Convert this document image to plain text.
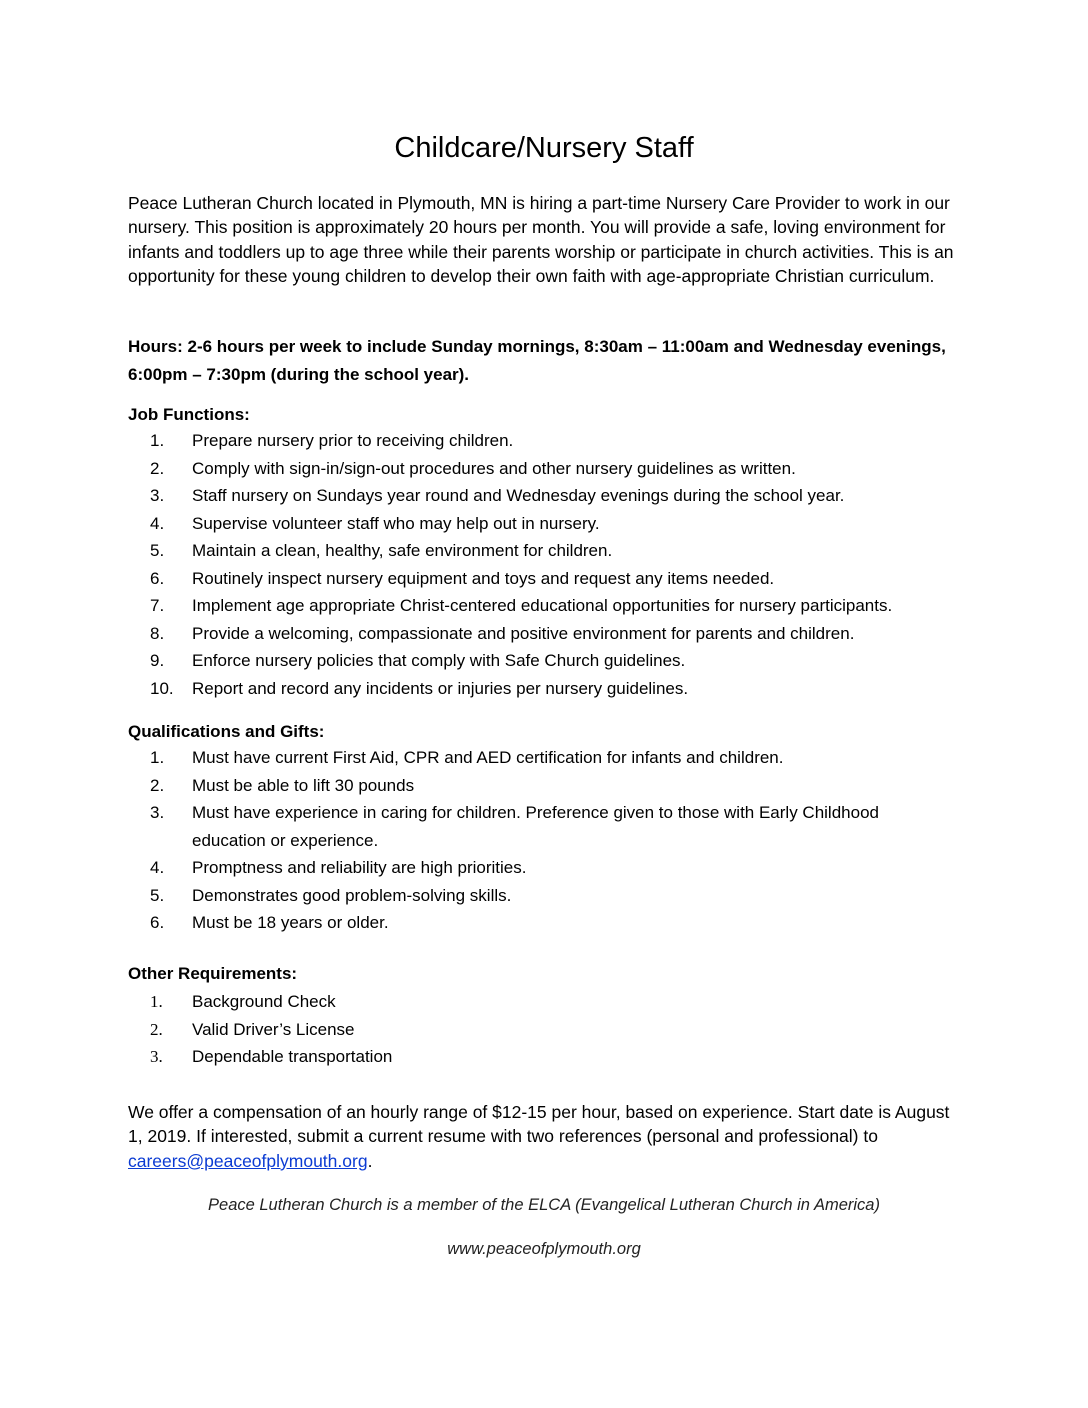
Childcare/Nursery Staff
Peace Lutheran Church located in Plymouth, MN is hiring a part-time Nursery Care Provider to work in our nursery. This position is approximately 20 hours per month. You will provide a safe, loving environment for infants and toddlers up to age three while their parents worship or participate in church activities. This is an opportunity for these young children to develop their own faith with age-appropriate Christian curriculum.
Hours: 2-6 hours per week to include Sunday mornings, 8:30am – 11:00am and Wednesday evenings, 6:00pm – 7:30pm (during the school year).
Job Functions:
1.	Prepare nursery prior to receiving children.
2.	Comply with sign-in/sign-out procedures and other nursery guidelines as written.
3.	Staff nursery on Sundays year round and Wednesday evenings during the school year.
4.	Supervise volunteer staff who may help out in nursery.
5.	Maintain a clean, healthy, safe environment for children.
6.	Routinely inspect nursery equipment and toys and request any items needed.
7.	Implement age appropriate Christ-centered educational opportunities for nursery participants.
8.	Provide a welcoming, compassionate and positive environment for parents and children.
9.	Enforce nursery policies that comply with Safe Church guidelines.
10.	Report and record any incidents or injuries per nursery guidelines.
Qualifications and Gifts:
1.	Must have current First Aid, CPR and AED certification for infants and children.
2.	Must be able to lift 30 pounds
3.	Must have experience in caring for children. Preference given to those with Early Childhood education or experience.
4.	Promptness and reliability are high priorities.
5.	Demonstrates good problem-solving skills.
6.	Must be 18 years or older.
Other Requirements:
1.	Background Check
2.	Valid Driver’s License
3.	Dependable transportation
We offer a compensation of an hourly range of $12-15 per hour, based on experience. Start date is August 1, 2019. If interested, submit a current resume with two references (personal and professional) to careers@peaceofplymouth.org.
Peace Lutheran Church is a member of the ELCA (Evangelical Lutheran Church in America)
www.peaceofplymouth.org
